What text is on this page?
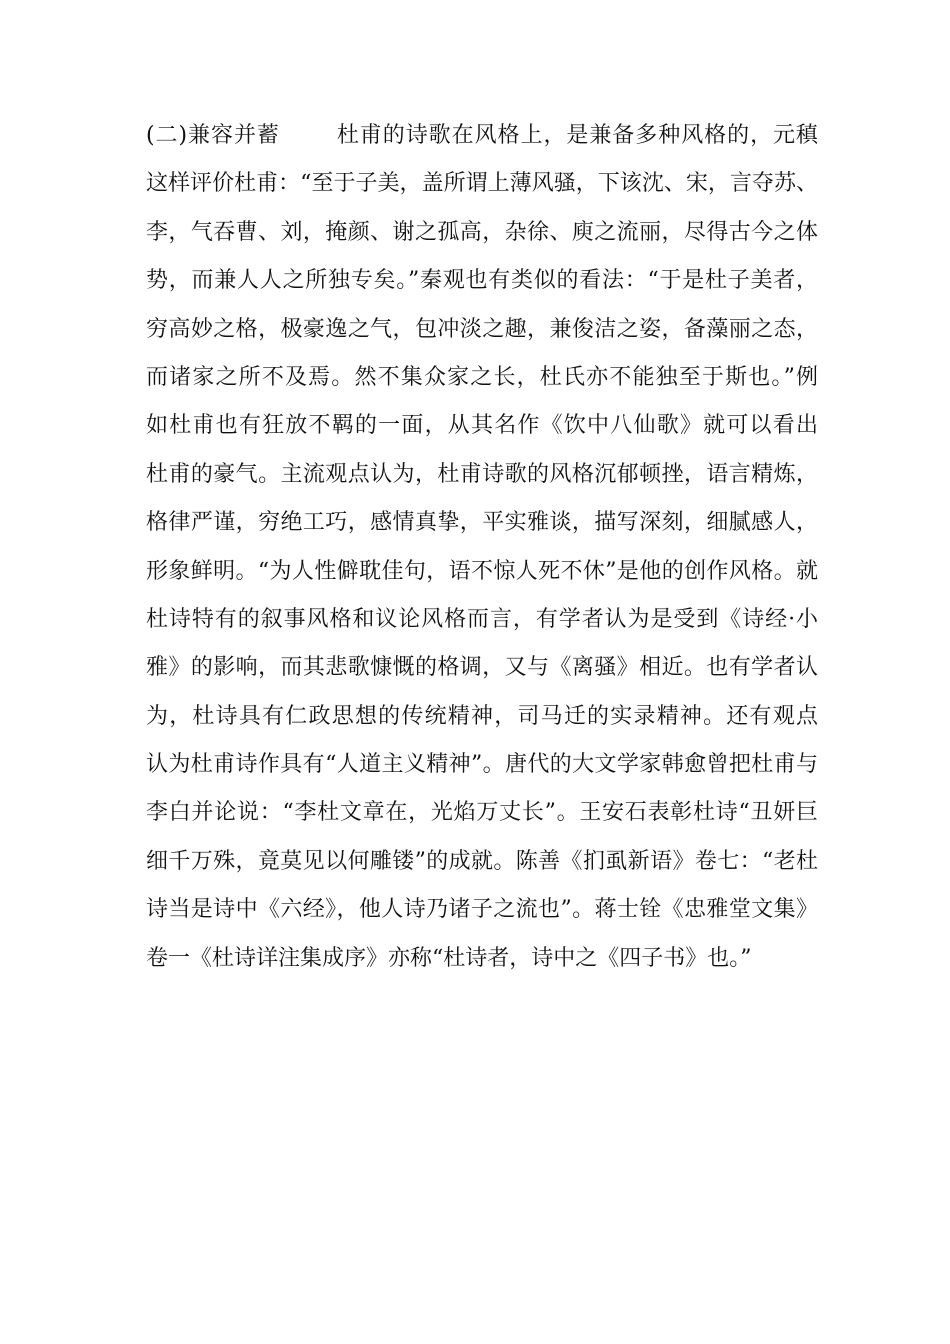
(二)兼容并蓄	杜甫的诗歌在风格上，是兼备多种风格的，元稹
这样评价杜甫：“至于子美，盖所谓上薄风骚，下该沈、宋，言夺苏、
李，气吞曹、刘，掩颜、谢之孤高，杂徐、庾之流丽，尽得古今之体
势，而兼人人之所独专矣。”秦观也有类似的看法：“于是杜子美者，
穷高妙之格，极豪逸之气，包冲淡之趣，兼俊洁之姿，备藻丽之态，
而诸家之所不及焉。然不集众家之长，杜氏亦不能独至于斯也。”例
如杜甫也有狂放不羁的一面，从其名作《饮中八仙歌》就可以看出
杜甫的豪气。主流观点认为，杜甫诗歌的风格沉郁顿挫，语言精炼，
格律严谨，穷绝工巧，感情真挚，平实雅谈，描写深刻，细腻感人，
形象鲜明。“为人性僻耽佳句，语不惊人死不休”是他的创作风格。就
杜诗特有的叙事风格和议论风格而言，有学者认为是受到《诗经·小
雅》的影响，而其悲歌慷慨的格调，又与《离骚》相近。也有学者认
为，杜诗具有仁政思想的传统精神，司马迁的实录精神。还有观点
认为杜甫诗作具有“人道主义精神”。唐代的大文学家韩愈曾把杜甫与
李白并论说：“李杜文章在，光焰万丈长”。王安石表彰杜诗“丑妍巨
细千万殊，竟莫见以何雕镂”的成就。陈善《扪虱新语》卷七：“老杜
诗当是诗中《六经》，他人诗乃诸子之流也”。蒋士铨《忠雅堂文集》
卷一《杜诗详注集成序》亦称“杜诗者，诗中之《四子书》也。”
